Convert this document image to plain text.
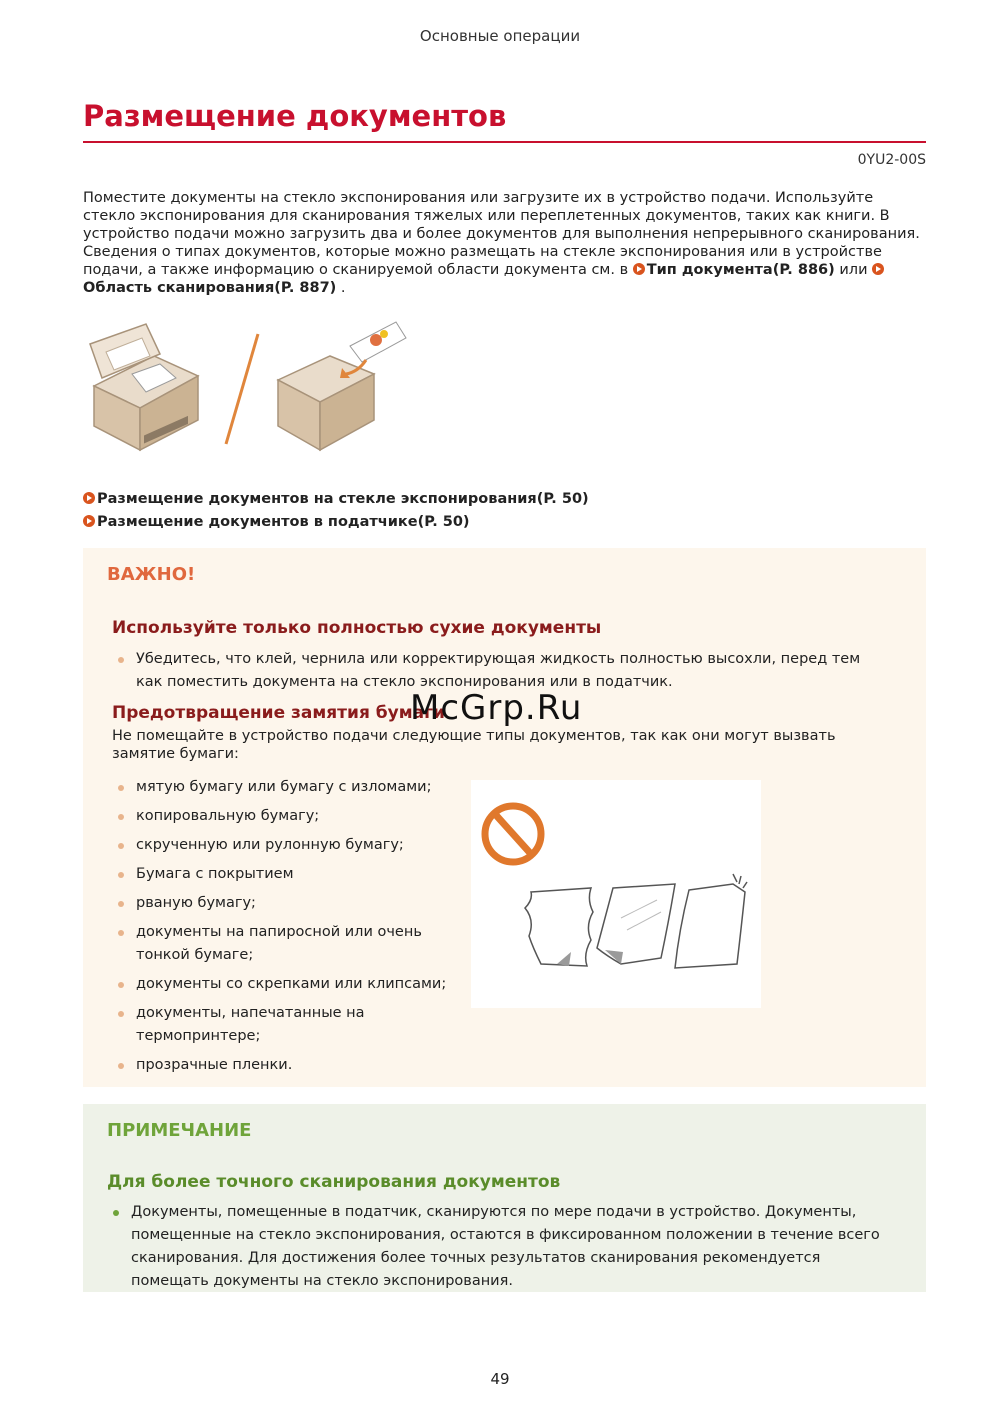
Основные операции
Размещение документов
0YU2-00S

Поместите документы на стекло экспонирования или загрузите их в устройство подачи. Используйте стекло экспонирования для сканирования тяжелых или переплетенных документов, таких как книги. В устройство подачи можно загрузить два и более документов для выполнения непрерывного сканирования. Сведения о типах документов, которые можно размещать на стекле экспонирования или в устройстве подачи, а также информацию о сканируемой области документа см. в Тип документа(P. 886) или Область сканирования(P. 887) .

Размещение документов на стекле экспонирования(P. 50)
Размещение документов в податчике(P. 50)
ВАЖНО!
Используйте только полностью сухие документы
Убедитесь, что клей, чернила или корректирующая жидкость полностью высохли, перед тем как поместить документа на стекло экспонирования или в податчик.
Предотвращение замятия бумаги

Не помещайте в устройство подачи следующие типы документов, так как они могут вызвать замятие бумаги:

мятую бумагу или бумагу с изломами;
копировальную бумагу;
скрученную или рулонную бумагу;
Бумага с покрытием
рваную бумагу;
документы на папиросной или очень тонкой бумаге;
документы со скрепками или клипсами;
документы, напечатанные на термопринтере;
прозрачные пленки.
ПРИМЕЧАНИЕ
Для более точного сканирования документов
Документы, помещенные в податчик, сканируются по мере подачи в устройство. Документы, помещенные на стекло экспонирования, остаются в фиксированном положении в течение всего сканирования. Для достижения более точных результатов сканирования рекомендуется помещать документы на стекло экспонирования.
McGrp.Ru
49
